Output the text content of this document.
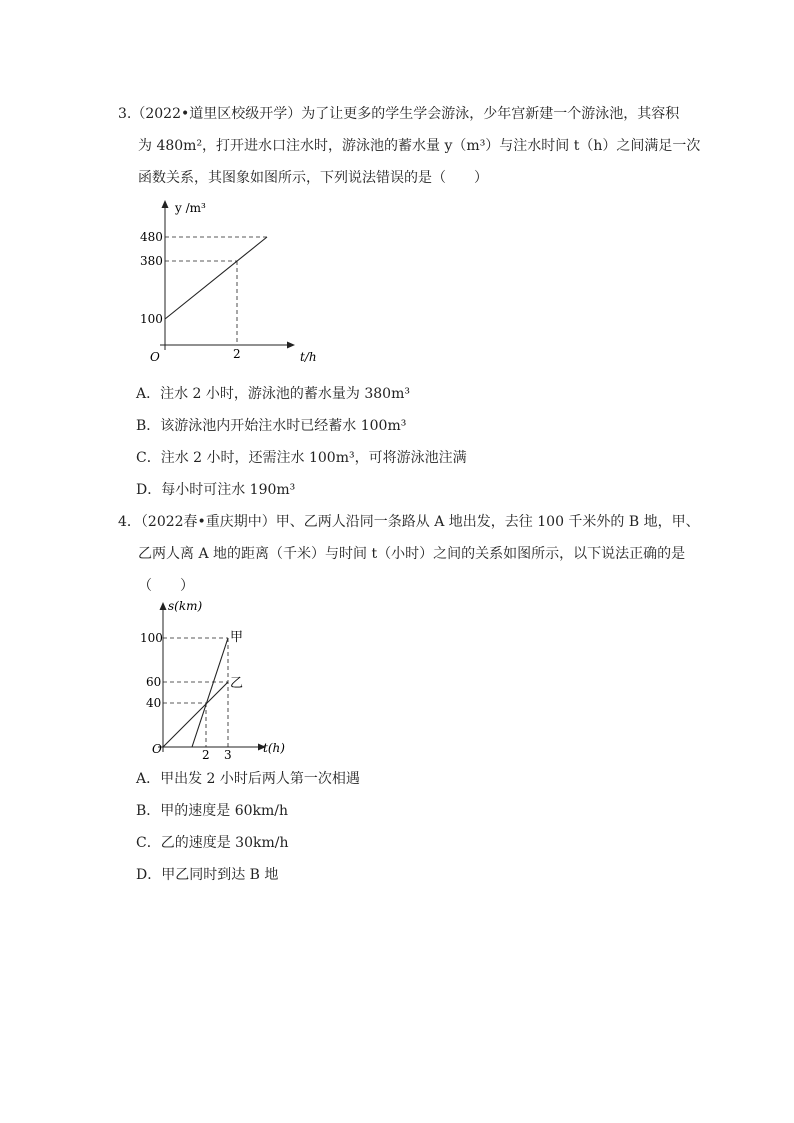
3.（2022•道里区校级开学）为了让更多的学生学会游泳，少年宫新建一个游泳池，其容积
为 480m²，打开进水口注水时，游泳池的蓄水量 y（m³）与注水时间 t（h）之间满足一次
函数关系，其图象如图所示，下列说法错误的是（　　）
y /m³
480
380
100
O	2	t/h
A．注水 2 小时，游泳池的蓄水量为 380m³
B．该游泳池内开始注水时已经蓄水 100m³
C．注水 2 小时，还需注水 100m³，可将游泳池注满
D．每小时可注水 190m³
4．（2022春•重庆期中）甲、乙两人沿同一条路从 A 地出发，去往 100 千米外的 B 地，甲、
乙两人离 A 地的距离（千米）与时间 t（小时）之间的关系如图所示，以下说法正确的是
（　　）
s(km)
100
60
40
O	2 3	t(h)
甲
乙
A．甲出发 2 小时后两人第一次相遇
B．甲的速度是 60km/h
C．乙的速度是 30km/h
D．甲乙同时到达 B 地
